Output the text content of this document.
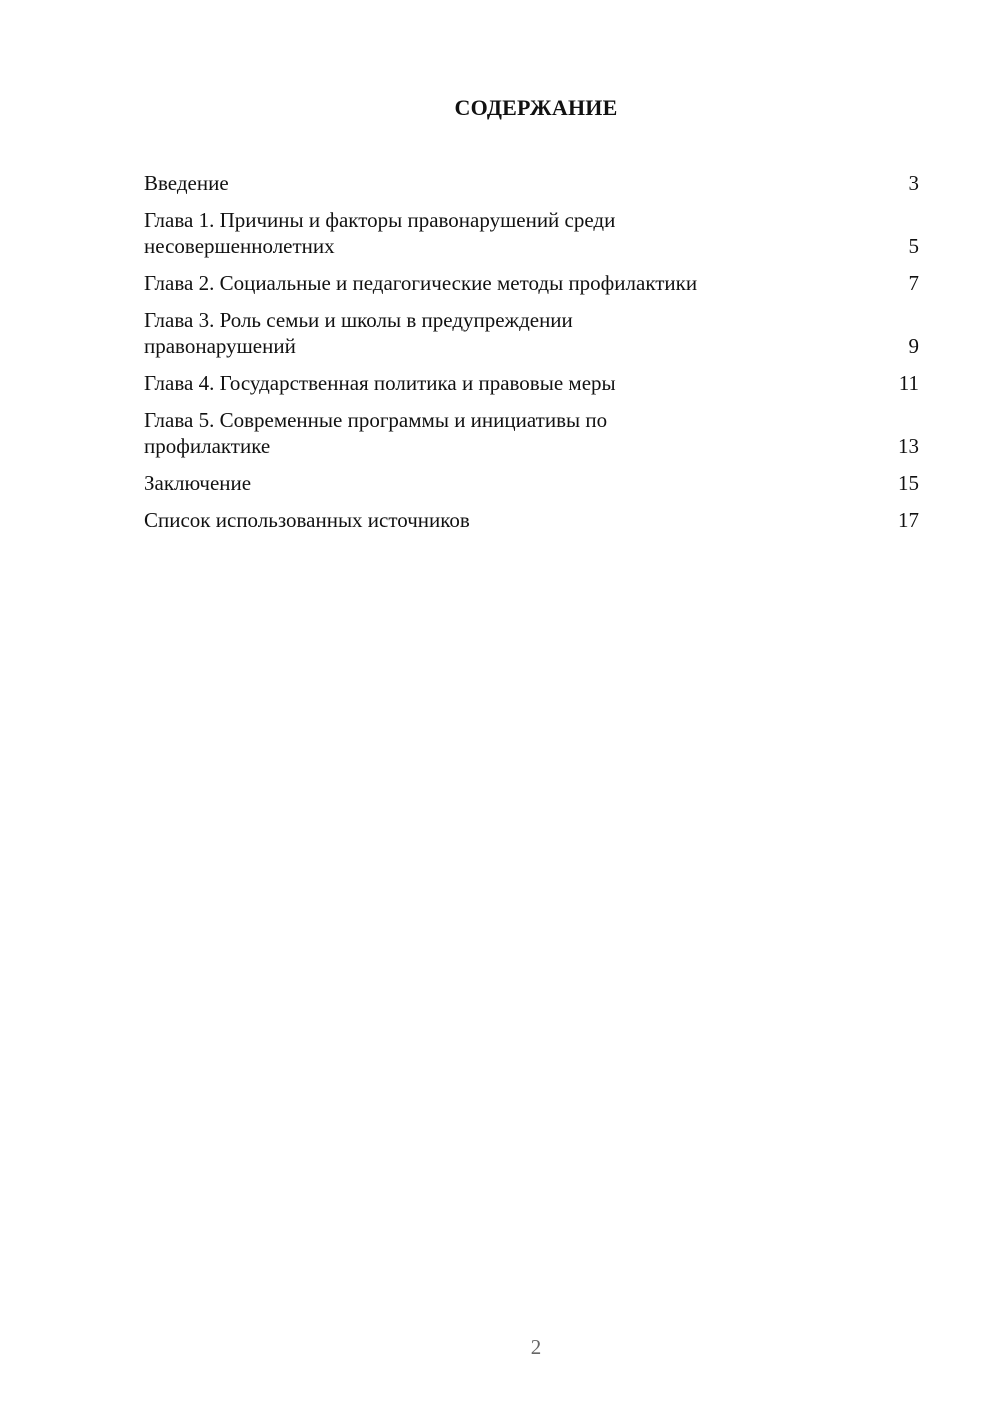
СОДЕРЖАНИЕ
Введение	3
Глава 1. Причины и факторы правонарушений среди несовершеннолетних	5
Глава 2. Социальные и педагогические методы профилактики	7
Глава 3. Роль семьи и школы в предупреждении правонарушений	9
Глава 4. Государственная политика и правовые меры	11
Глава 5. Современные программы и инициативы по профилактике	13
Заключение	15
Список использованных источников	17
2
